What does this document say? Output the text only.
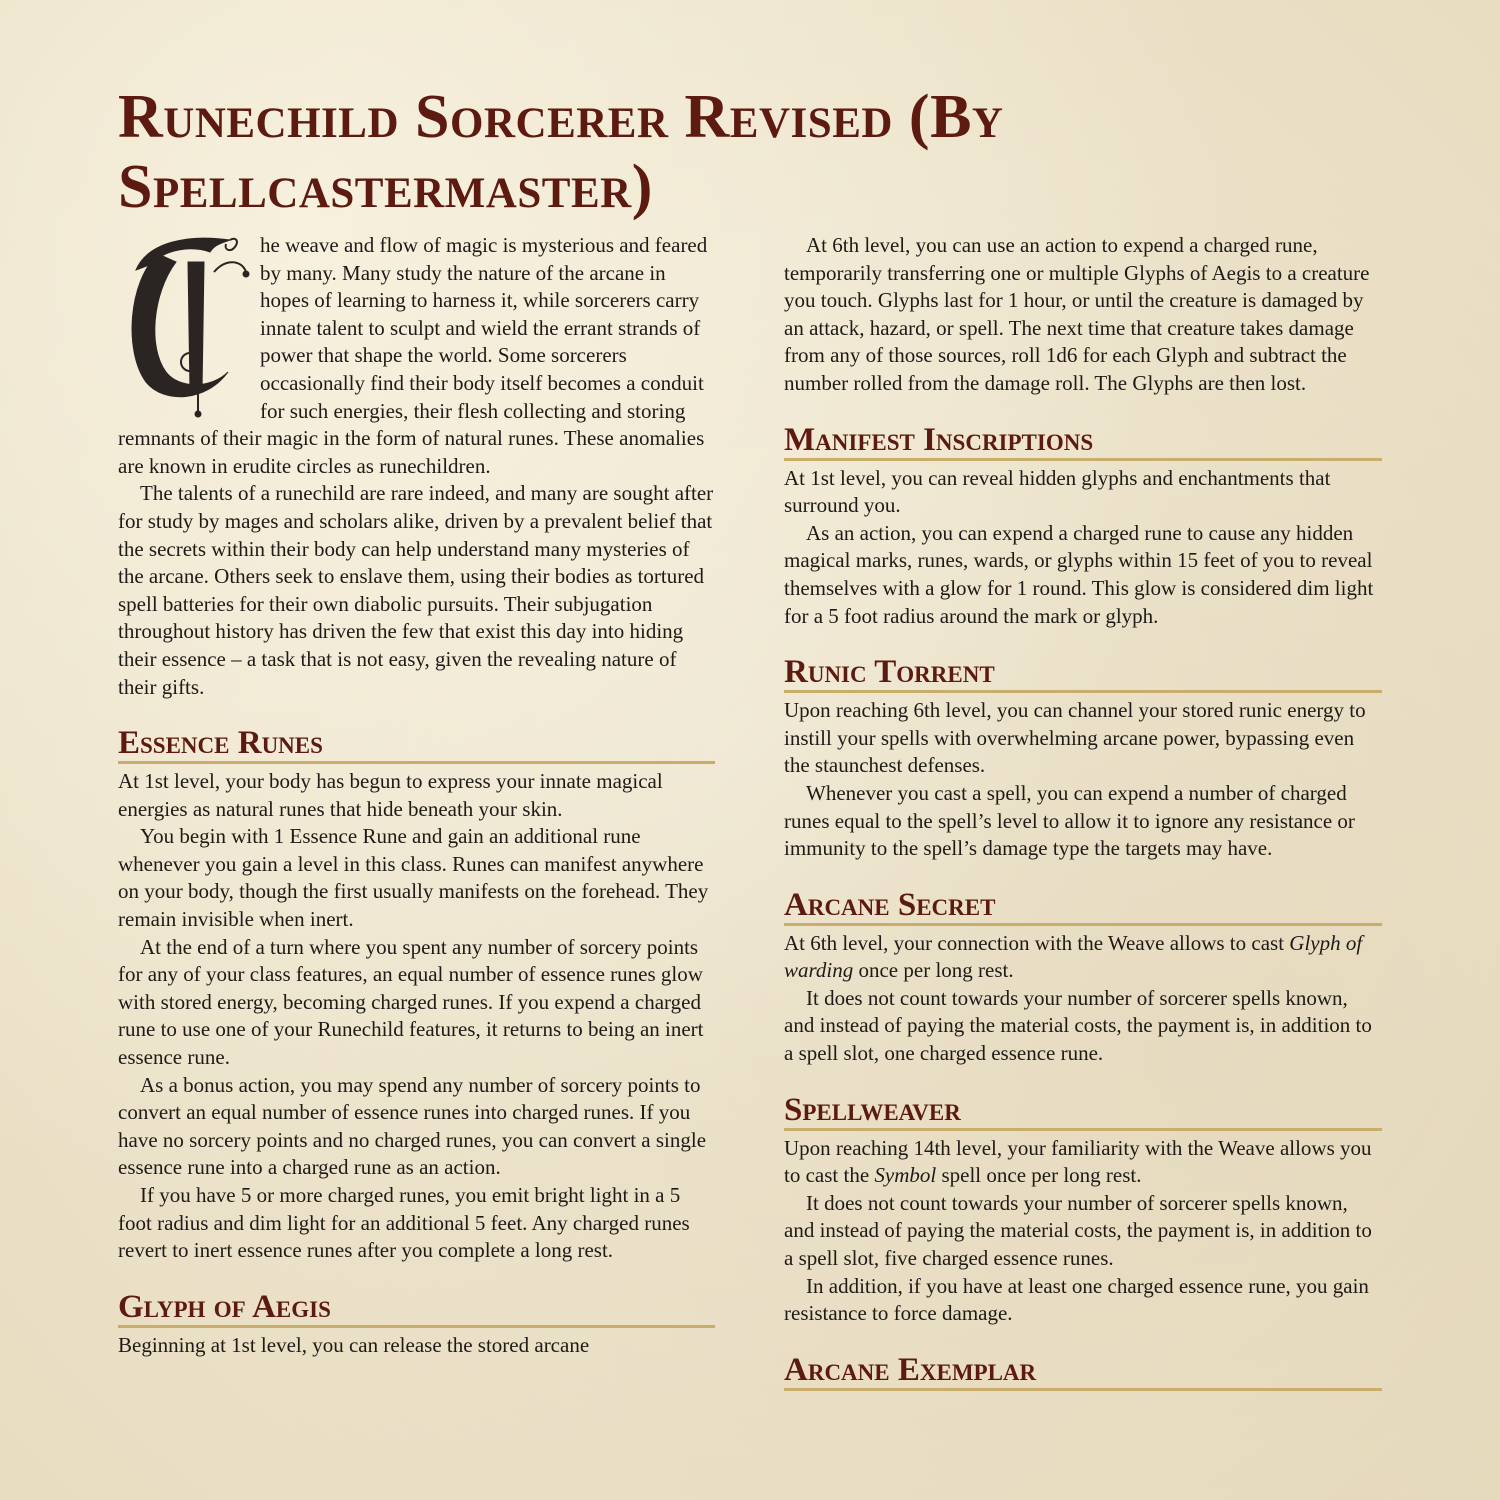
Runechild Sorcerer Revised (By Spellcastermaster)

he weave and flow of magic is mysterious and feared by many. Many study the nature of the arcane in hopes of learning to harness it, while sorcerers carry innate talent to sculpt and wield the errant strands of power that shape the world. Some sorcerers occasionally find their body itself becomes a conduit for such energies, their flesh collecting and storing remnants of their magic in the form of natural runes. These anomalies are known in erudite circles as runechildren.

The talents of a runechild are rare indeed, and many are sought after for study by mages and scholars alike, driven by a prevalent belief that the secrets within their body can help understand many mysteries of the arcane. Others seek to enslave them, using their bodies as tortured spell batteries for their own diabolic pursuits. Their subjugation throughout history has driven the few that exist this day into hiding their essence – a task that is not easy, given the revealing nature of their gifts.

Essence Runes

At 1st level, your body has begun to express your innate magical energies as natural runes that hide beneath your skin.

You begin with 1 Essence Rune and gain an additional rune whenever you gain a level in this class. Runes can manifest anywhere on your body, though the first usually manifests on the forehead. They remain invisible when inert.

At the end of a turn where you spent any number of sorcery points for any of your class features, an equal number of essence runes glow with stored energy, becoming charged runes. If you expend a charged rune to use one of your Runechild features, it returns to being an inert essence rune.

As a bonus action, you may spend any number of sorcery points to convert an equal number of essence runes into charged runes. If you have no sorcery points and no charged runes, you can convert a single essence rune into a charged rune as an action.

If you have 5 or more charged runes, you emit bright light in a 5 foot radius and dim light for an additional 5 feet. Any charged runes revert to inert essence runes after you complete a long rest.

Glyph of Aegis

Beginning at 1st level, you can release the stored arcane

At 6th level, you can use an action to expend a charged rune, temporarily transferring one or multiple Glyphs of Aegis to a creature you touch. Glyphs last for 1 hour, or until the creature is damaged by an attack, hazard, or spell. The next time that creature takes damage from any of those sources, roll 1d6 for each Glyph and subtract the number rolled from the damage roll. The Glyphs are then lost.

Manifest Inscriptions

At 1st level, you can reveal hidden glyphs and enchantments that surround you.

As an action, you can expend a charged rune to cause any hidden magical marks, runes, wards, or glyphs within 15 feet of you to reveal themselves with a glow for 1 round. This glow is considered dim light for a 5 foot radius around the mark or glyph.

Runic Torrent

Upon reaching 6th level, you can channel your stored runic energy to instill your spells with overwhelming arcane power, bypassing even the staunchest defenses.

Whenever you cast a spell, you can expend a number of charged runes equal to the spell’s level to allow it to ignore any resistance or immunity to the spell’s damage type the targets may have.

Arcane Secret

At 6th level, your connection with the Weave allows to cast Glyph of warding once per long rest.

It does not count towards your number of sorcerer spells known, and instead of paying the material costs, the payment is, in addition to a spell slot, one charged essence rune.

Spellweaver

Upon reaching 14th level, your familiarity with the Weave allows you to cast the Symbol spell once per long rest.

It does not count towards your number of sorcerer spells known, and instead of paying the material costs, the payment is, in addition to a spell slot, five charged essence runes.

In addition, if you have at least one charged essence rune, you gain resistance to force damage.

Arcane Exemplar
